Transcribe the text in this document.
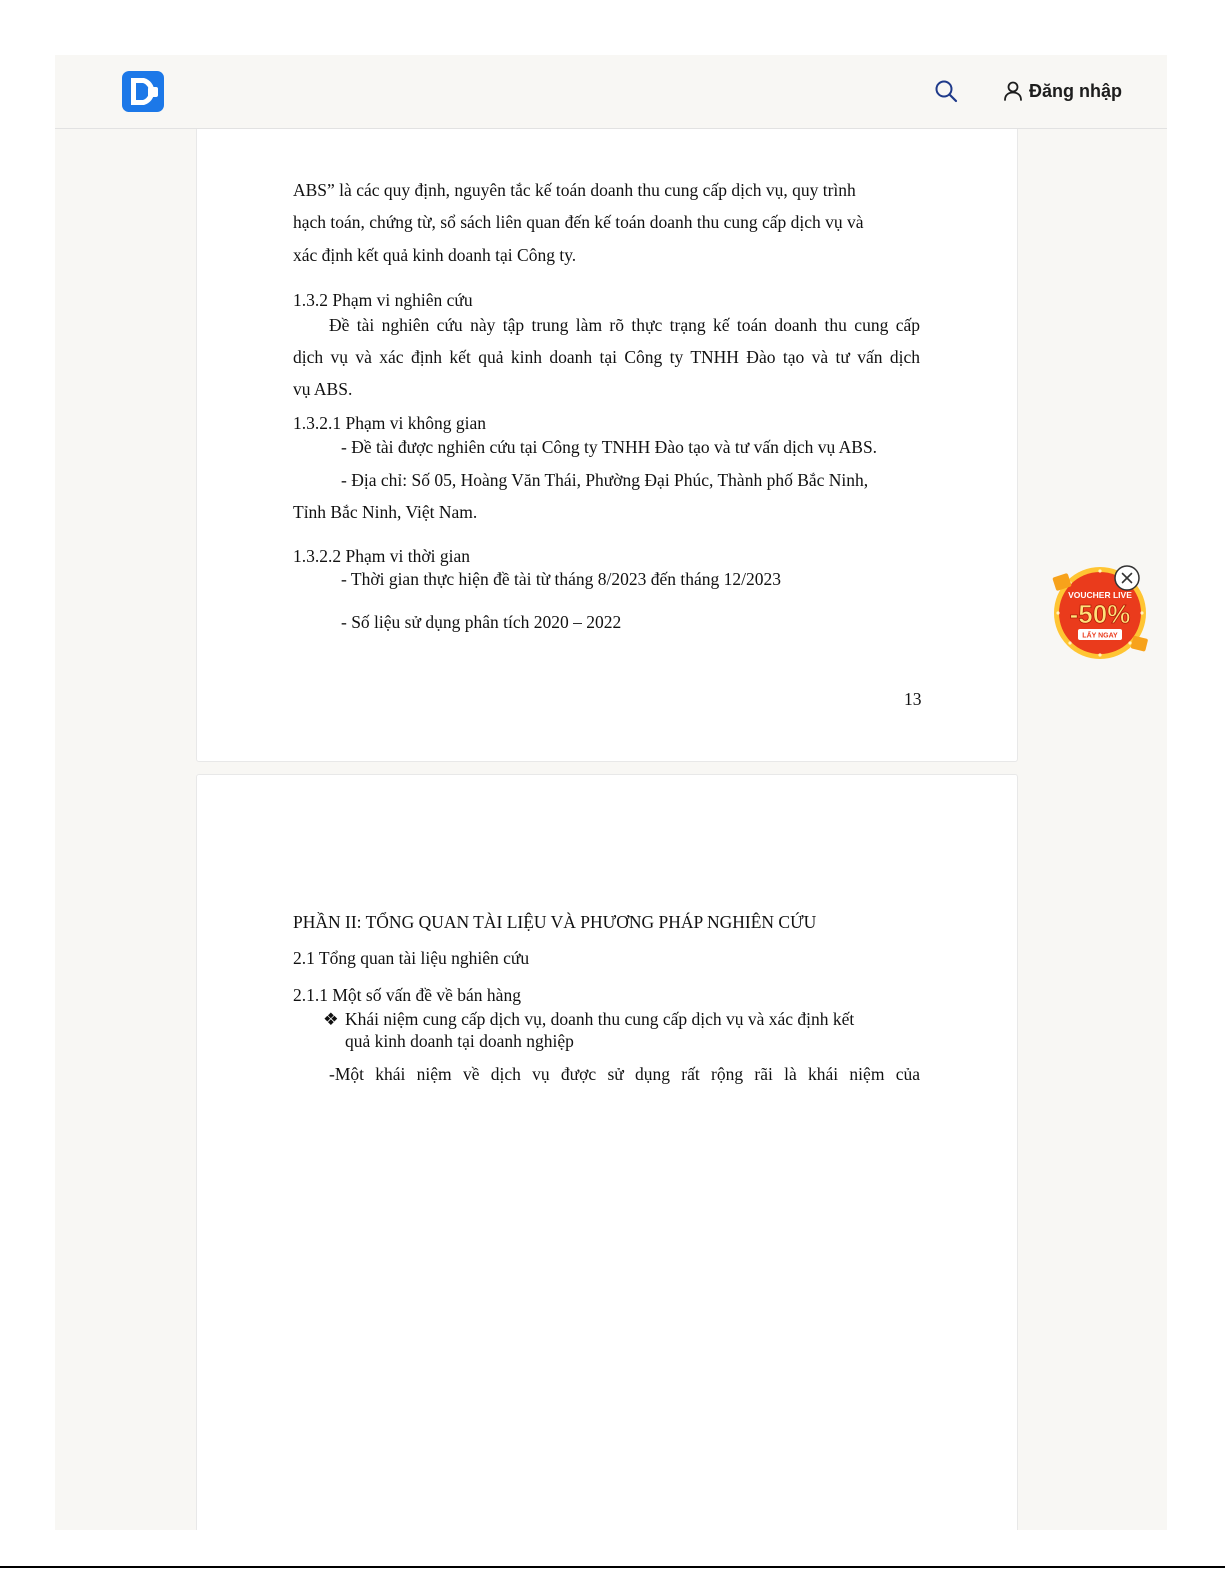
Đăng nhập
ABS” là các quy định, nguyên tắc kế toán doanh thu cung cấp dịch vụ, quy trình
hạch toán, chứng từ, sổ sách liên quan đến kế toán doanh thu cung cấp dịch vụ và
xác định kết quả kinh doanh tại Công ty.
1.3.2 Phạm vi nghiên cứu
Đề tài nghiên cứu này tập trung làm rõ thực trạng kế toán doanh thu cung cấp
dịch vụ và xác định kết quả kinh doanh tại Công ty TNHH Đào tạo và tư vấn dịch
vụ ABS.
1.3.2.1 Phạm vi không gian
- Đề tài được nghiên cứu tại Công ty TNHH Đào tạo và tư vấn dịch vụ ABS.
- Địa chỉ: Số 05, Hoàng Văn Thái, Phường Đại Phúc, Thành phố Bắc Ninh,
Tỉnh Bắc Ninh, Việt Nam.
1.3.2.2 Phạm vi thời gian
- Thời gian thực hiện đề tài từ tháng 8/2023 đến tháng 12/2023
- Số liệu sử dụng phân tích 2020 – 2022
13
PHẦN II: TỔNG QUAN TÀI LIỆU VÀ PHƯƠNG PHÁP NGHIÊN CỨU
2.1 Tổng quan tài liệu nghiên cứu
2.1.1 Một số vấn đề về bán hàng
❖ Khái niệm cung cấp dịch vụ, doanh thu cung cấp dịch vụ và xác định kết
quả kinh doanh tại doanh nghiệp
-Một khái niệm về dịch vụ được sử dụng rất rộng rãi là khái niệm của
VOUCHER LIVE
-50%
LẤY NGAY
